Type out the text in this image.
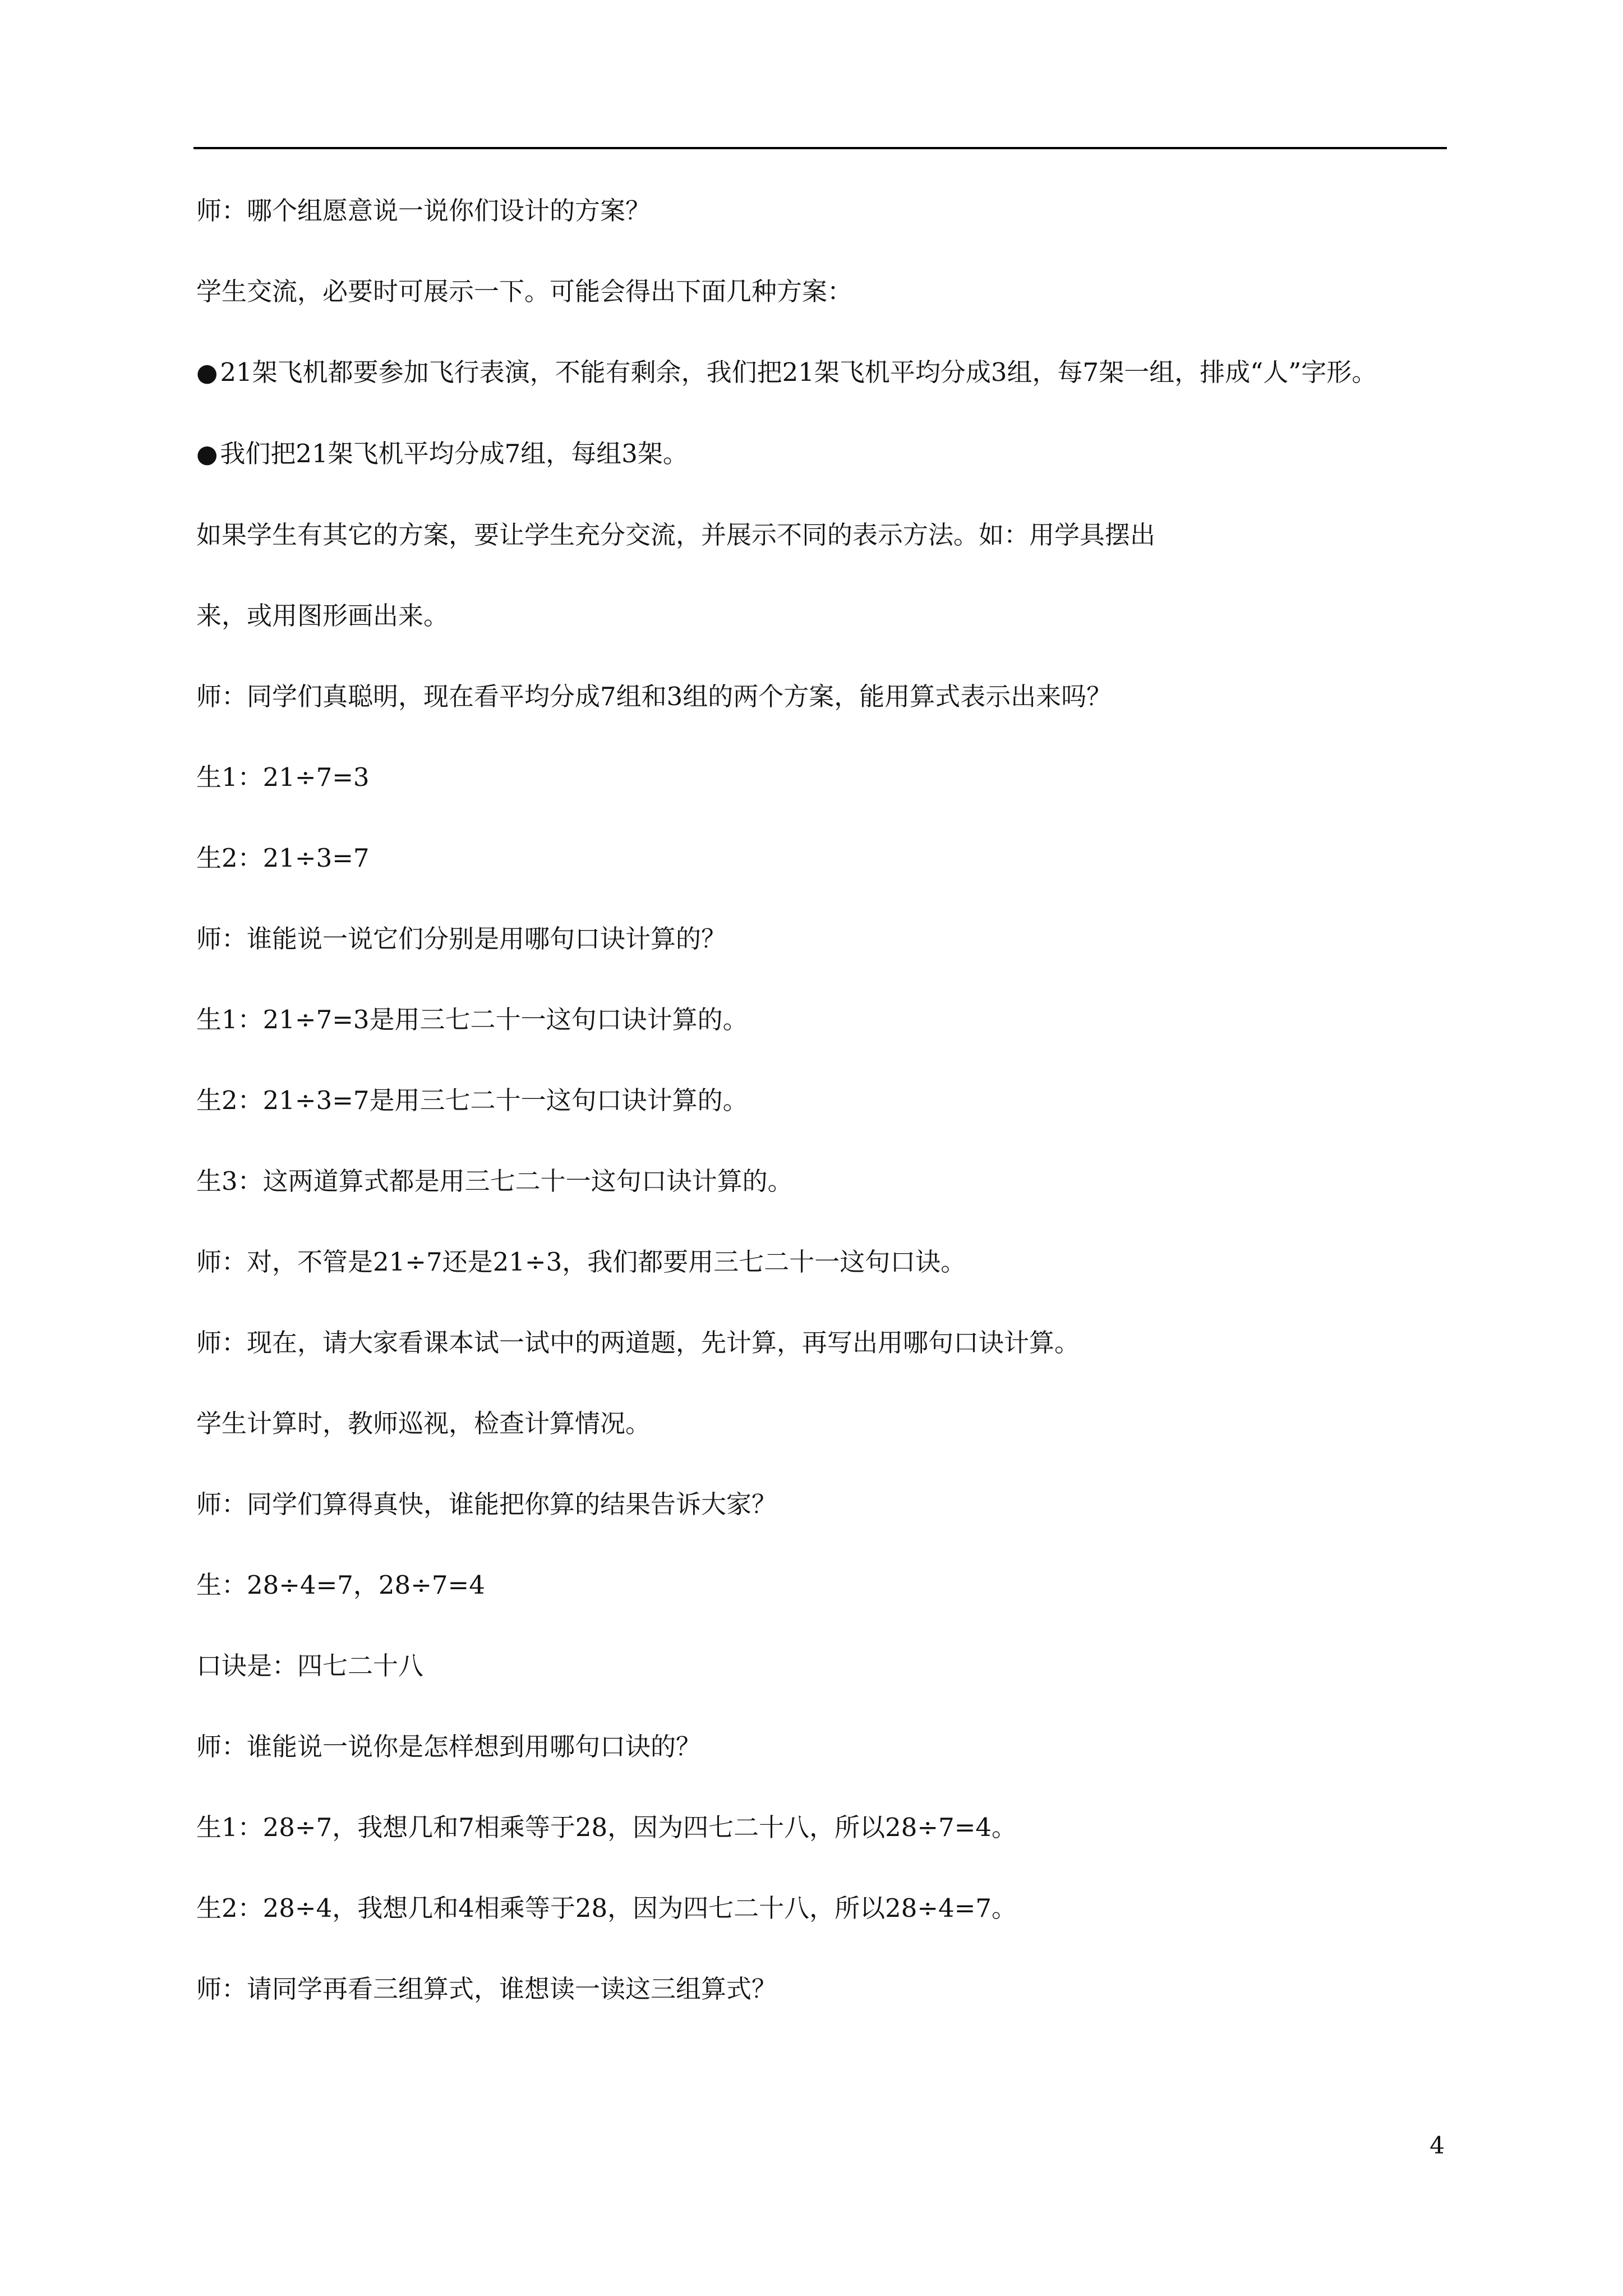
师：哪个组愿意说一说你们设计的方案？

学生交流，必要时可展示一下。可能会得出下面几种方案：

●21架飞机都要参加飞行表演，不能有剩余，我们把21架飞机平均分成3组，每7架一组，排成“人”字形。

●我们把21架飞机平均分成7组，每组3架。

如果学生有其它的方案，要让学生充分交流，并展示不同的表示方法。如：用学具摆出

来，或用图形画出来。

师：同学们真聪明，现在看平均分成7组和3组的两个方案，能用算式表示出来吗？

生1：21÷7=3

生2：21÷3=7

师：谁能说一说它们分别是用哪句口诀计算的？

生1：21÷7=3是用三七二十一这句口诀计算的。

生2：21÷3=7是用三七二十一这句口诀计算的。

生3：这两道算式都是用三七二十一这句口诀计算的。

师：对，不管是21÷7还是21÷3，我们都要用三七二十一这句口诀。

师：现在，请大家看课本试一试中的两道题，先计算，再写出用哪句口诀计算。

学生计算时，教师巡视，检查计算情况。

师：同学们算得真快，谁能把你算的结果告诉大家？

生：28÷4=7，28÷7=4

口诀是：四七二十八

师：谁能说一说你是怎样想到用哪句口诀的？

生1：28÷7，我想几和7相乘等于28，因为四七二十八，所以28÷7=4。

生2：28÷4，我想几和4相乘等于28，因为四七二十八，所以28÷4=7。

师：请同学再看三组算式，谁想读一读这三组算式？

4
